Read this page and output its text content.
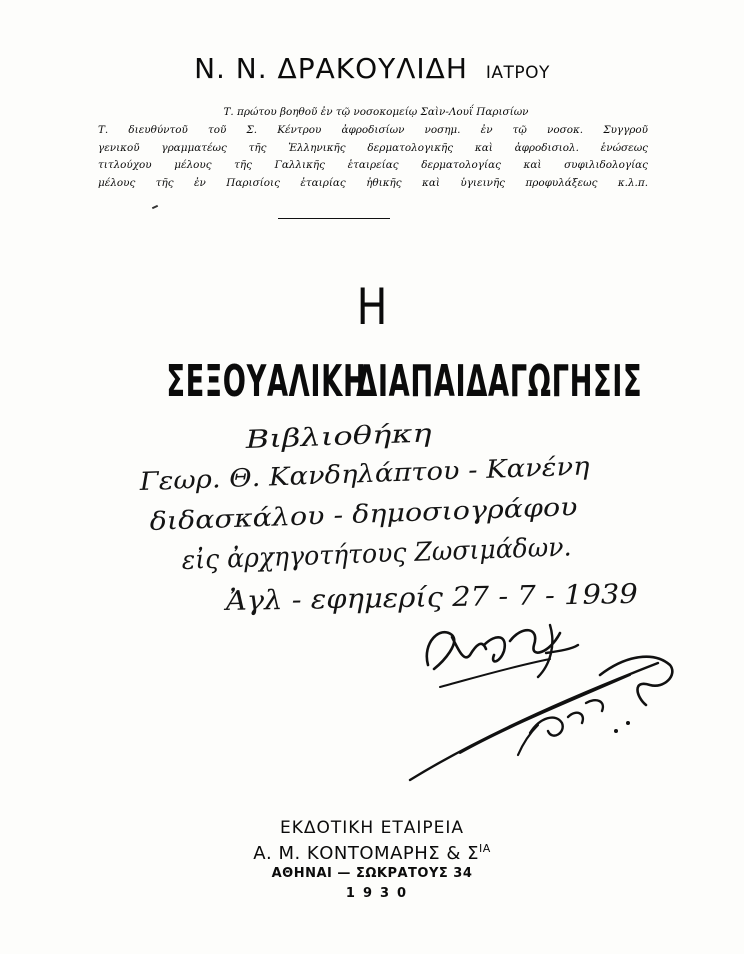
Ν. Ν. ΔΡΑΚΟΥΛΙΔΗ ΙΑΤΡΟΥ
Τ. πρώτου βοηθοῦ ἐν τῷ νοσοκομείῳ Σαὶν-Λουΐ Παρισίων
Τ. διευθύντοῦ τοῦ Σ. Κέντρου ἀφροδισίων νοσημ. ἐν τῷ νοσοκ. Συγγροῦ
γενικοῦ γραμματέως τῆς Ἑλληνικῆς δερματολογικῆς καὶ ἀφροδισιολ. ἑνώσεως
τιτλούχου μέλους τῆς Γαλλικῆς ἑταιρείας δερματολογίας καὶ συφιλιδολογίας
μέλους τῆς ἐν Παρισίοις ἑταιρίας ἠθικῆς καὶ ὑγιεινῆς προφυλάξεως κ.λ.π.
Η
ΣΕΞΟΥΑΛΙΚΗ
ΔΙΑΠΑΙΔΑΓΩΓΗΣΙΣ
Βιβλιοθήκη
Γεωρ. Θ. Κανδηλάπτου - Κανένη
διδασκάλου - δημοσιογράφου
εἰς ἀρχηγοτήτους Ζωσιμάδων.
Ἀγλ - εφημερίς 27 - 7 - 1939
ΕΚΔΟΤΙΚΗ ΕΤΑΙΡΕΙΑ
Α. Μ. ΚΟΝΤΟΜΑΡΗΣ & $\Sigma^{IA}$
ΑΘΗΝΑΙ — ΣΩΚΡΑΤΟΥΣ 34
1930
